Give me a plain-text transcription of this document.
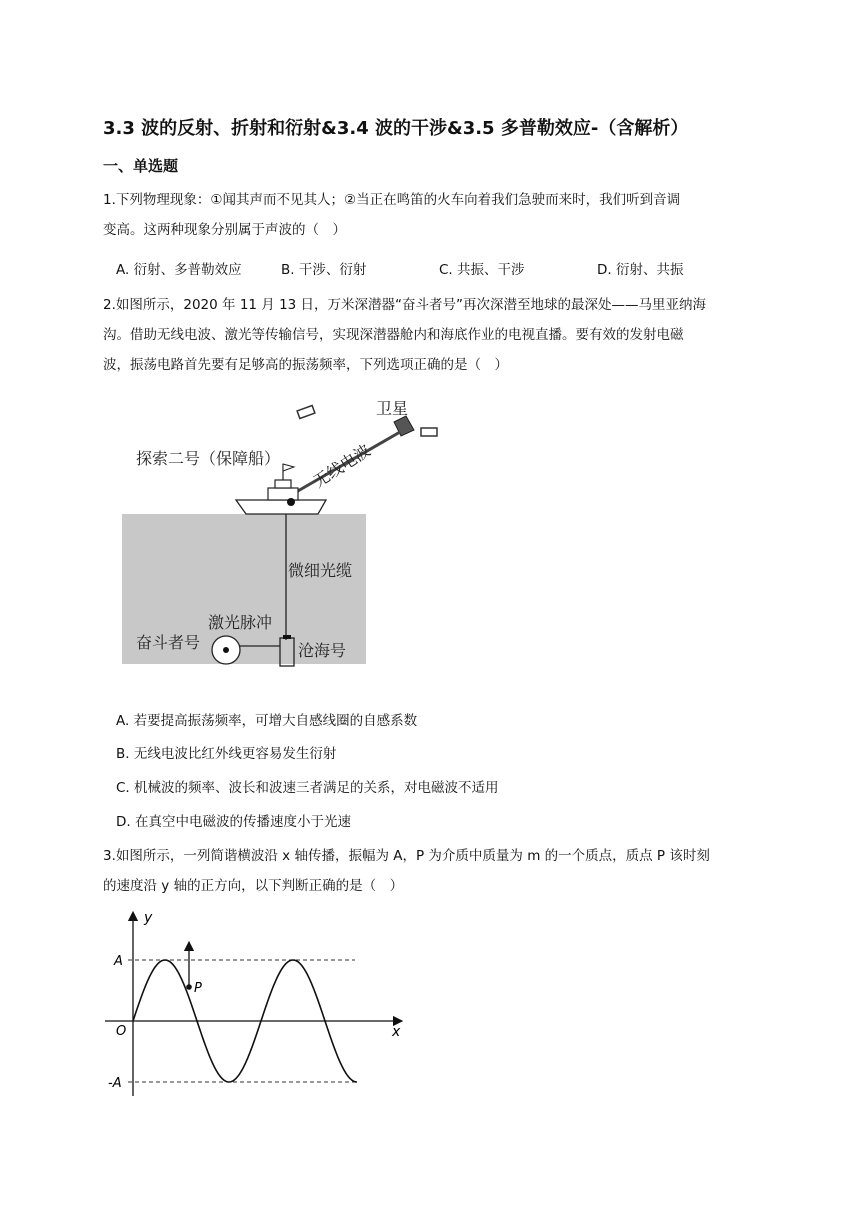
3.3 波的反射、折射和衍射&3.4 波的干涉&3.5 多普勒效应-（含解析）
一、单选题
1.下列物理现象：①闻其声而不见其人；②当正在鸣笛的火车向着我们急驶而来时，我们听到音调
变高。这两种现象分别属于声波的（　）
A. 衍射、多普勒效应	B. 干涉、衍射	C. 共振、干涉	D. 衍射、共振
2.如图所示，2020 年 11 月 13 日，万米深潜器“奋斗者号”再次深潜至地球的最深处——马里亚纳海
沟。借助无线电波、激光等传输信号，实现深潜器舱内和海底作业的电视直播。要有效的发射电磁
波，振荡电路首先要有足够高的振荡频率，下列选项正确的是（　）
卫星
无线电波
探索二号（保障船）
微细光缆
激光脉冲
奋斗者号	沧海号
A. 若要提高振荡频率，可增大自感线圈的自感系数
B. 无线电波比红外线更容易发生衍射
C. 机械波的频率、波长和波速三者满足的关系，对电磁波不适用
D. 在真空中电磁波的传播速度小于光速
3.如图所示，一列简谐横波沿 x 轴传播，振幅为 A，P 为介质中质量为 m 的一个质点，质点 P 该时刻
的速度沿 y 轴的正方向，以下判断正确的是（　）
y
x
A
-A
O
P
